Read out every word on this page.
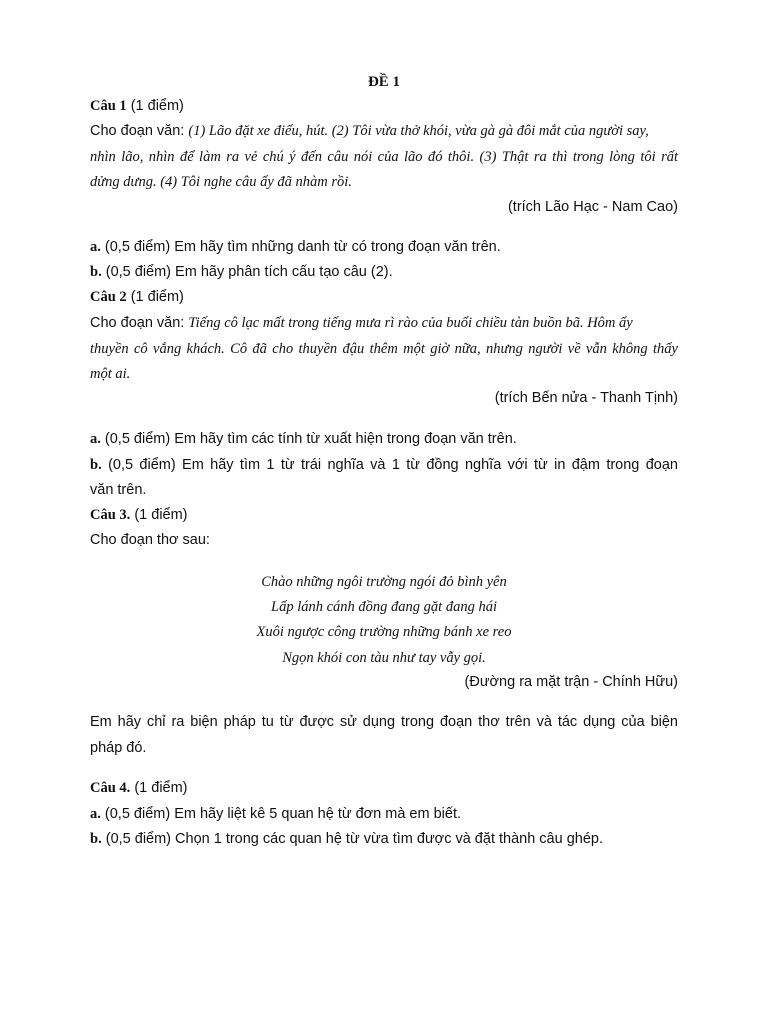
ĐỀ 1
Câu 1 (1 điểm)
Cho đoạn văn: (1) Lão đặt xe điếu, hút. (2) Tôi vừa thở khói, vừa gà gà đôi mắt của người say,
nhìn lão, nhìn để làm ra vẻ chú ý đến câu nói của lão đó thôi. (3) Thật ra thì trong lòng tôi rất
dửng dưng. (4) Tôi nghe câu ấy đã nhàm rồi.
(trích Lão Hạc - Nam Cao)
a. (0,5 điểm) Em hãy tìm những danh từ có trong đoạn văn trên.
b. (0,5 điểm) Em hãy phân tích cấu tạo câu (2).
Câu 2 (1 điểm)
Cho đoạn văn: Tiếng cô lạc mất trong tiếng mưa rì rào của buổi chiều tàn buồn bã. Hôm ấy
thuyền cô vắng khách. Cô đã cho thuyền đậu thêm một giờ nữa, nhưng người về vẫn không thấy
một ai.
(trích Bến nửa - Thanh Tịnh)
a. (0,5 điểm) Em hãy tìm các tính từ xuất hiện trong đoạn văn trên.
b. (0,5 điểm) Em hãy tìm 1 từ trái nghĩa và 1 từ đồng nghĩa với từ in đậm trong đoạn
văn trên.
Câu 3. (1 điểm)
Cho đoạn thơ sau:
Chào những ngôi trường ngói đỏ bình yên
Lấp lánh cánh đồng đang gặt đang hái
Xuôi ngược công trường những bánh xe reo
Ngọn khói con tàu như tay vẫy gọi.
(Đường ra mặt trận - Chính Hữu)
Em hãy chỉ ra biện pháp tu từ được sử dụng trong đoạn thơ trên và tác dụng của biện
pháp đó.
Câu 4. (1 điểm)
a. (0,5 điểm) Em hãy liệt kê 5 quan hệ từ đơn mà em biết.
b. (0,5 điểm) Chọn 1 trong các quan hệ từ vừa tìm được và đặt thành câu ghép.
